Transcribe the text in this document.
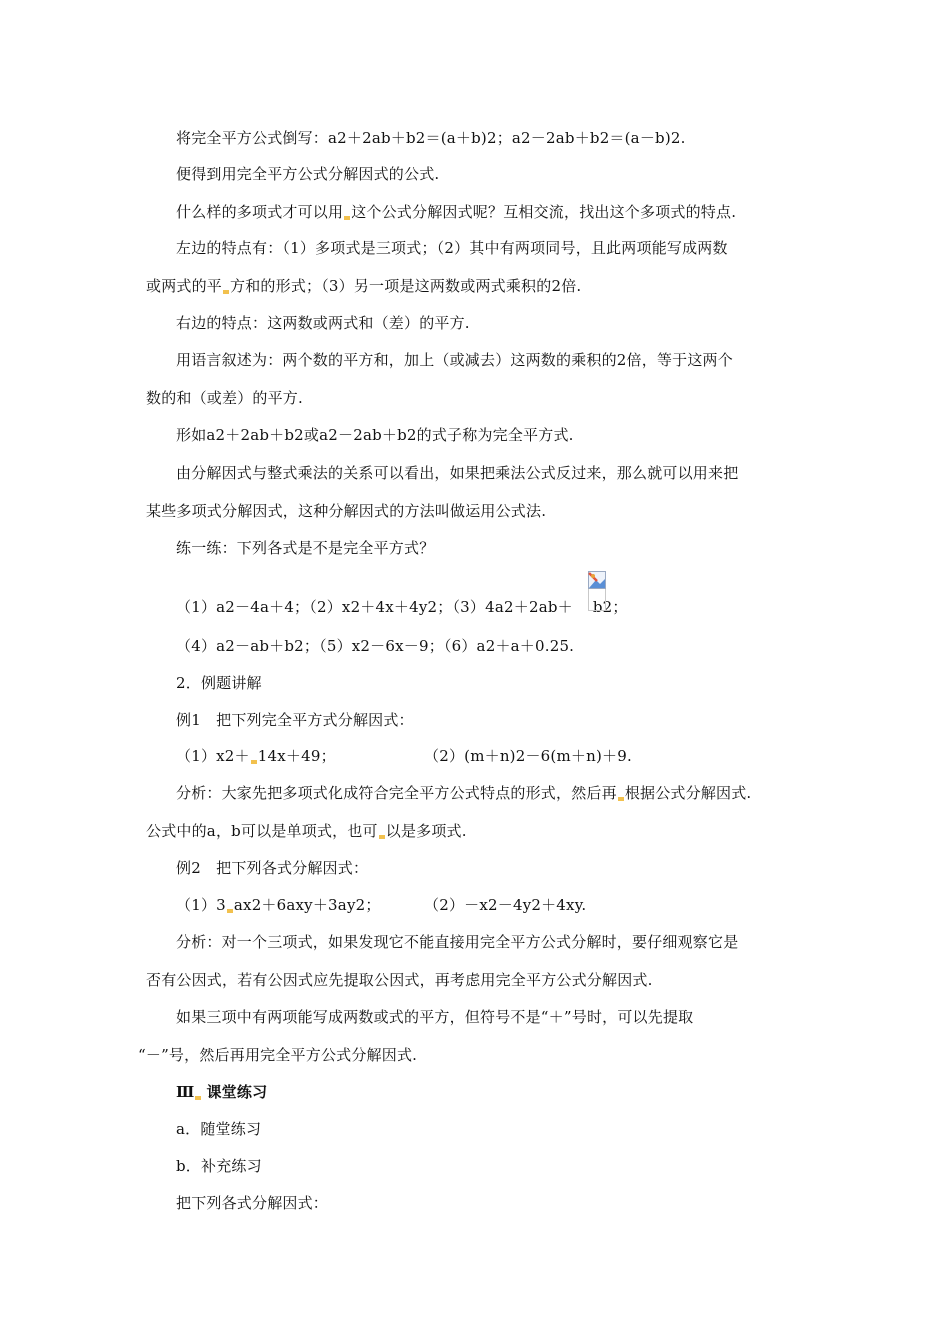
将完全平方公式倒写：a2＋2ab＋b2＝(a＋b)2；a2－2ab＋b2＝(a－b)2.
便得到用完全平方公式分解因式的公式.
什么样的多项式才可以用 这个公式分解因式呢？互相交流，找出这个多项式的特点.
左边的特点有：（1）多项式是三项式；（2）其中有两项同号，且此两项能写成两数
或两式的平 方和的形式；（3）另一项是这两数或两式乘积的2倍.
右边的特点：这两数或两式和（差）的平方.
用语言叙述为：两个数的平方和，加上（或减去）这两数的乘积的2倍，等于这两个
数的和（或差）的平方.
形如a2＋2ab＋b2或a2－2ab＋b2的式子称为完全平方式.
由分解因式与整式乘法的关系可以看出，如果把乘法公式反过来，那么就可以用来把
某些多项式分解因式，这种分解因式的方法叫做运用公式法.
练一练：下列各式是不是完全平方式？
（1）a2－4a＋4；（2）x2＋4x＋4y2；（3）4a2＋2ab＋ b2；
（4）a2－ab＋b2；（5）x2－6x－9；（6）a2＋a＋0.25.
2．例题讲解
例1　把下列完全平方式分解因式：
（1）x2＋ 14x＋49；	（2）(m＋n)2－6(m＋n)＋9.
分析：大家先把多项式化成符合完全平方公式特点的形式，然后再 根据公式分解因式.
公式中的a，b可以是单项式，也可 以是多项式.
例2　把下列各式分解因式：
（1）3 ax2＋6axy＋3ay2；	（2）－x2－4y2＋4xy.
分析：对一个三项式，如果发现它不能直接用完全平方公式分解时，要仔细观察它是
否有公因式，若有公因式应先提取公因式，再考虑用完全平方公式分解因式.
如果三项中有两项能写成两数或式的平方，但符号不是“＋”号时，可以先提取
“－”号，然后再用完全平方公式分解因式.
Ⅲ 课堂练习
a．随堂练习
b．补充练习
把下列各式分解因式：
